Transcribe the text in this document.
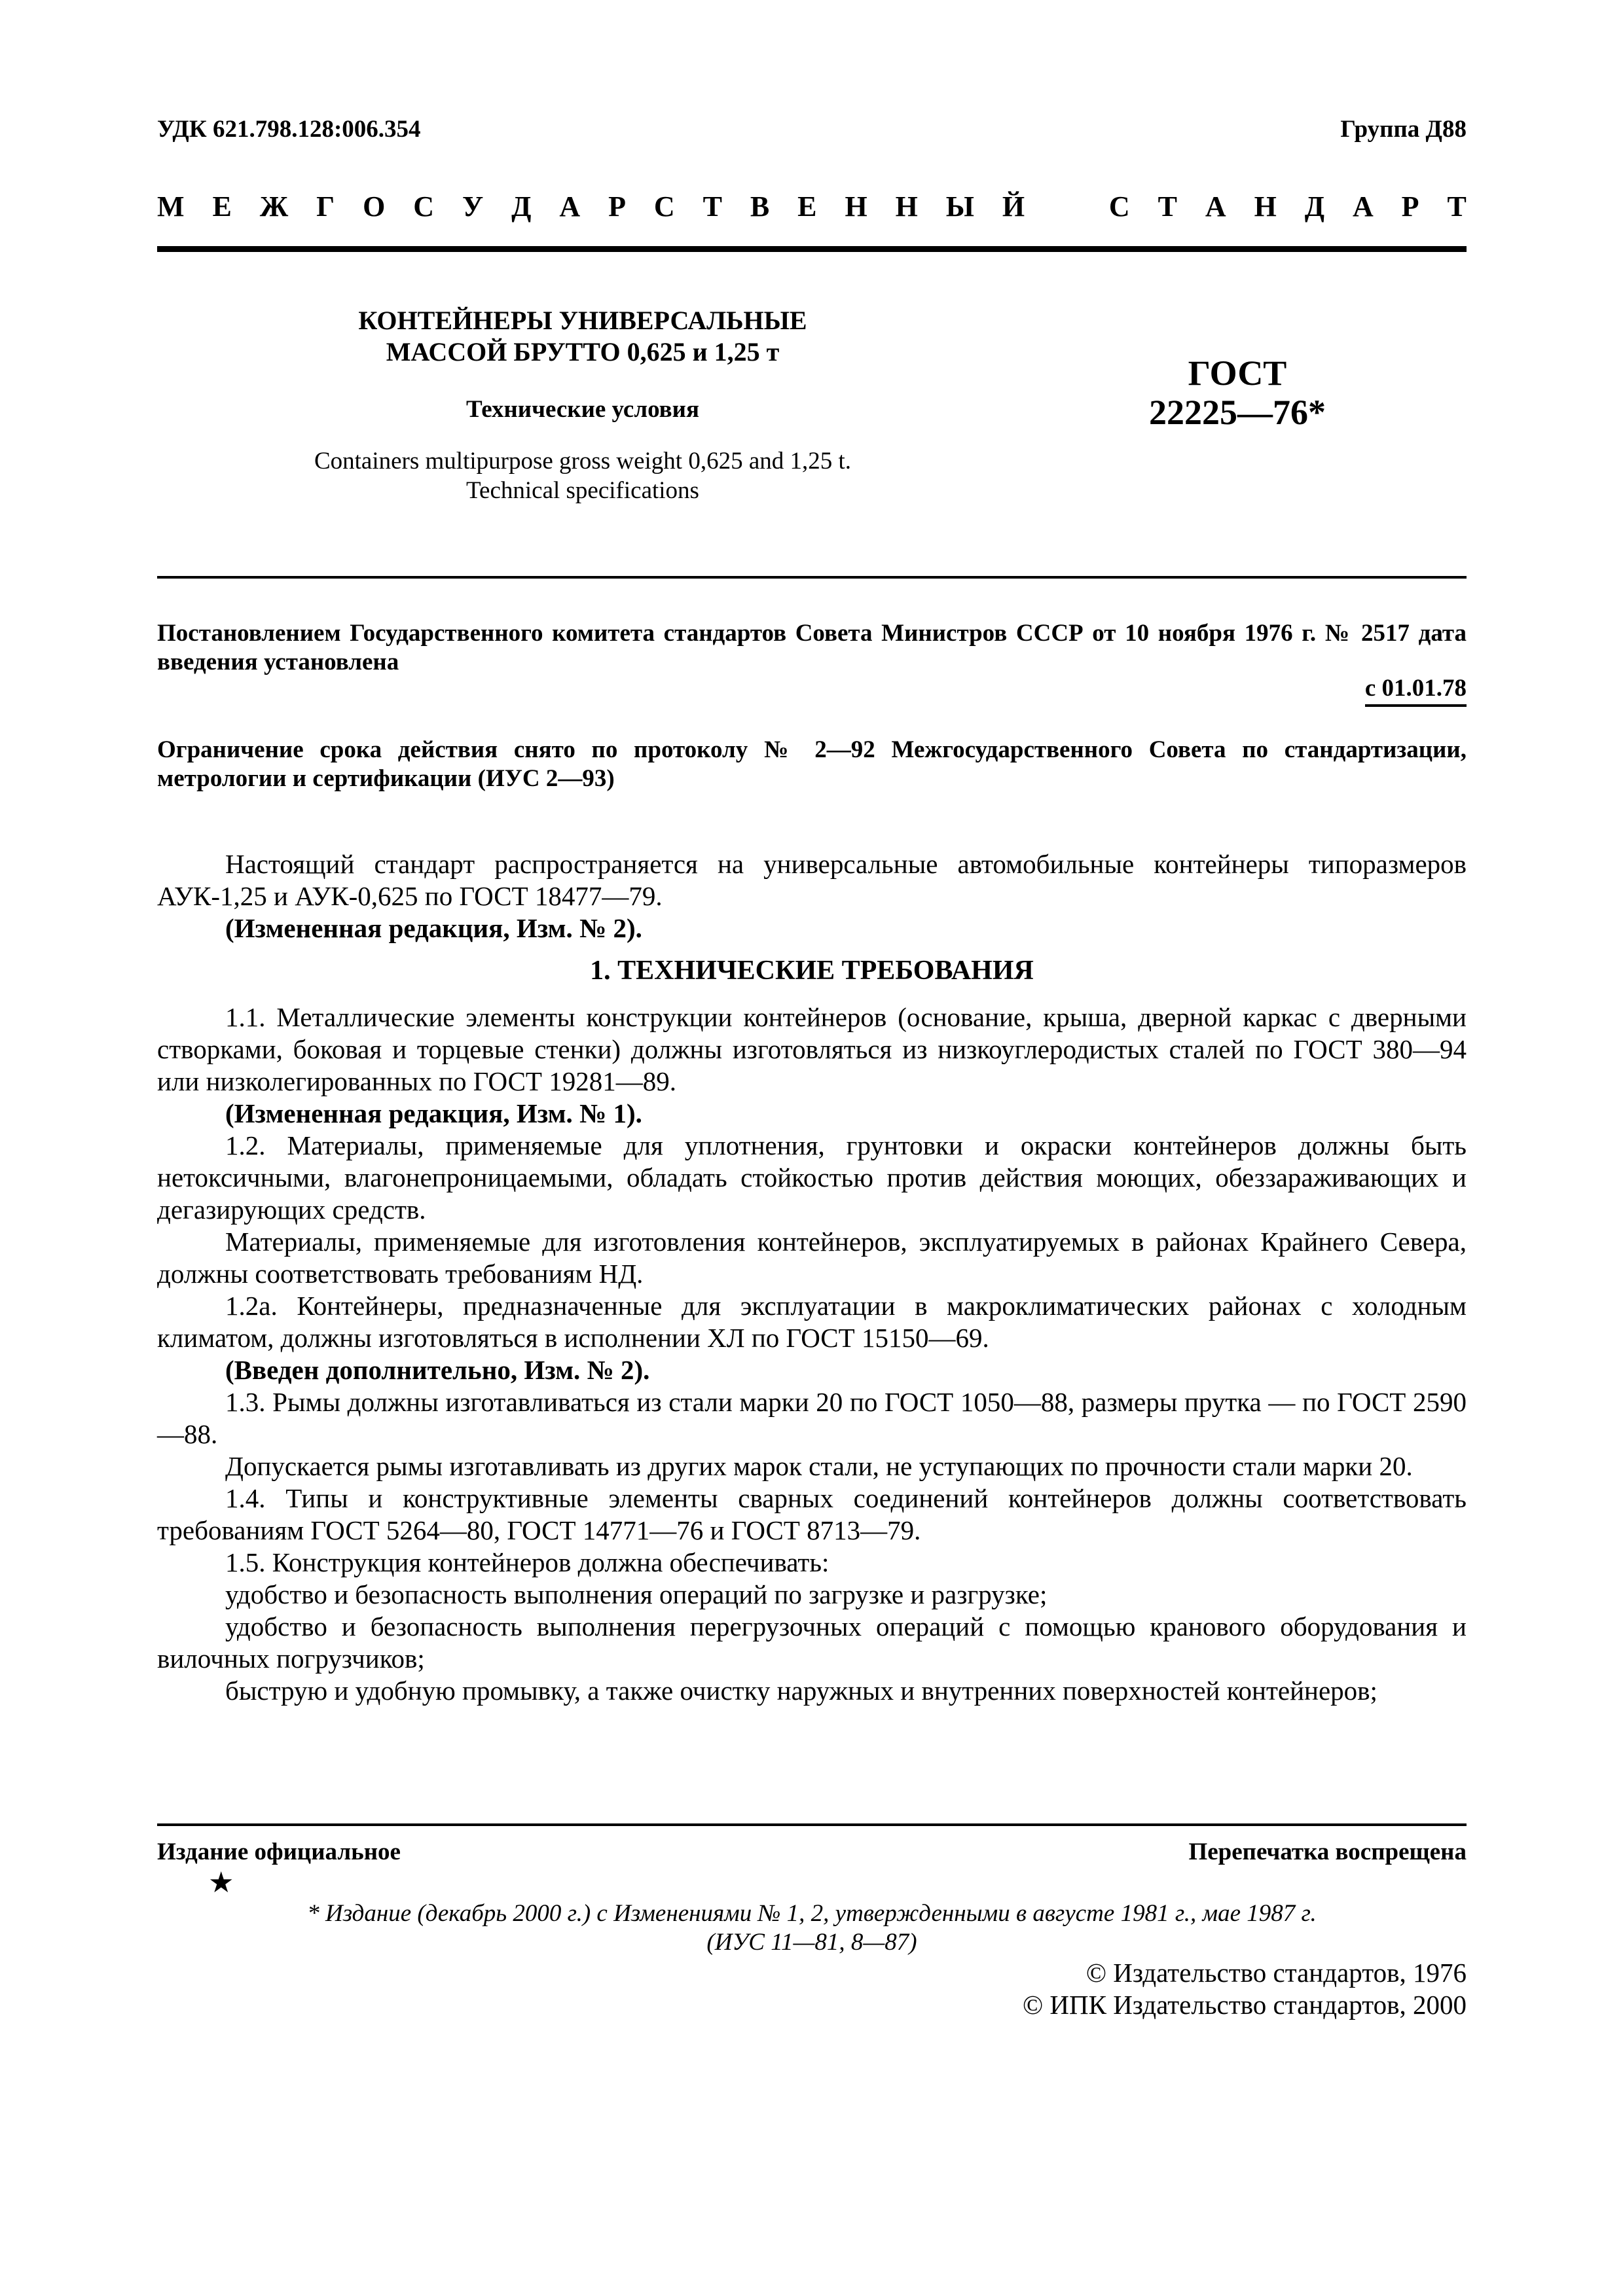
УДК 621.798.128:006.354	Группа Д88
М Е Ж Г О С У Д А Р С Т В Е Н Н Ы Й	С Т А Н Д А Р Т
КОНТЕЙНЕРЫ УНИВЕРСАЛЬНЫЕ
МАССОЙ БРУТТО 0,625 и 1,25 т
Технические условия
Containers multipurpose gross weight 0,625 and 1,25 t.
Technical specifications
ГОСТ
22225—76*
Постановлением Государственного комитета стандартов Совета Министров СССР от 10 ноября 1976 г. № 2517 дата введения установлена
с 01.01.78
Ограничение срока действия снято по протоколу № 2—92 Межгосударственного Совета по стандартизации, метрологии и сертификации (ИУС 2—93)

Настоящий стандарт распространяется на универсальные автомобильные контейнеры типоразмеров АУК-1,25 и АУК-0,625 по ГОСТ 18477—79.

(Измененная редакция, Изм. № 2).

1. ТЕХНИЧЕСКИЕ ТРЕБОВАНИЯ

1.1. Металлические элементы конструкции контейнеров (основание, крыша, дверной каркас с дверными створками, боковая и торцевые стенки) должны изготовляться из низкоуглеродистых сталей по ГОСТ 380—94 или низколегированных по ГОСТ 19281—89.

(Измененная редакция, Изм. № 1).

1.2. Материалы, применяемые для уплотнения, грунтовки и окраски контейнеров должны быть нетоксичными, влагонепроницаемыми, обладать стойкостью против действия моющих, обеззараживающих и дегазирующих средств.

Материалы, применяемые для изготовления контейнеров, эксплуатируемых в районах Крайнего Севера, должны соответствовать требованиям НД.

1.2а. Контейнеры, предназначенные для эксплуатации в макроклиматических районах с холодным климатом, должны изготовляться в исполнении ХЛ по ГОСТ 15150—69.

(Введен дополнительно, Изм. № 2).

1.3. Рымы должны изготавливаться из стали марки 20 по ГОСТ 1050—88, размеры прутка — по ГОСТ 2590—88.

Допускается рымы изготавливать из других марок стали, не уступающих по прочности стали марки 20.

1.4. Типы и конструктивные элементы сварных соединений контейнеров должны соответствовать требованиям ГОСТ 5264—80, ГОСТ 14771—76 и ГОСТ 8713—79.

1.5. Конструкция контейнеров должна обеспечивать:

удобство и безопасность выполнения операций по загрузке и разгрузке;

удобство и безопасность выполнения перегрузочных операций с помощью кранового оборудования и вилочных погрузчиков;

быструю и удобную промывку, а также очистку наружных и внутренних поверхностей контейнеров;

Издание официальное	Перепечатка воспрещена
★
* Издание (декабрь 2000 г.) с Изменениями № 1, 2, утвержденными в августе 1981 г., мае 1987 г.
(ИУС 11—81, 8—87)
© Издательство стандартов, 1976
© ИПК Издательство стандартов, 2000
